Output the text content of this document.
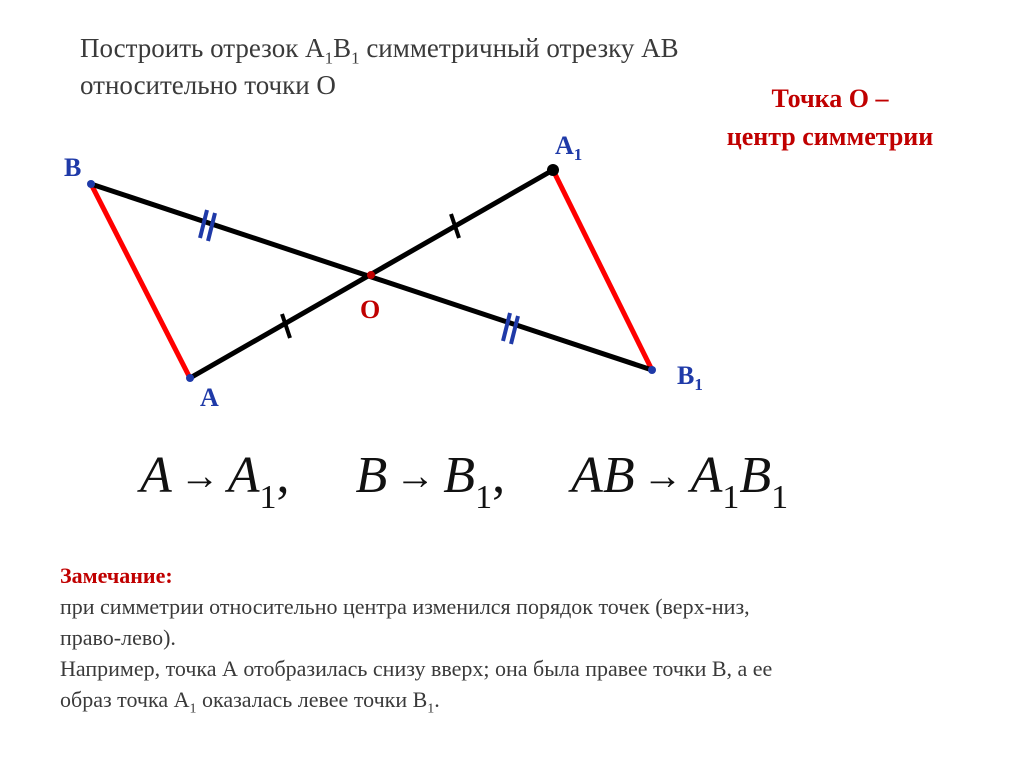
Построить отрезок $A_1B_1$ симметричный отрезку AB
относительно точки O	Точка О –
центр симметрии
B
A
O
$A_1$
$B_1$
A → A1, B → B1, AB → A1B1
Замечание:
при симметрии относительно центра изменился порядок точек (верх-низ,
право-лево).
Например, точка А отобразилась снизу вверх; она была правее точки В, а ее
образ точка $A_1$ оказалась левее точки $B_1$.
